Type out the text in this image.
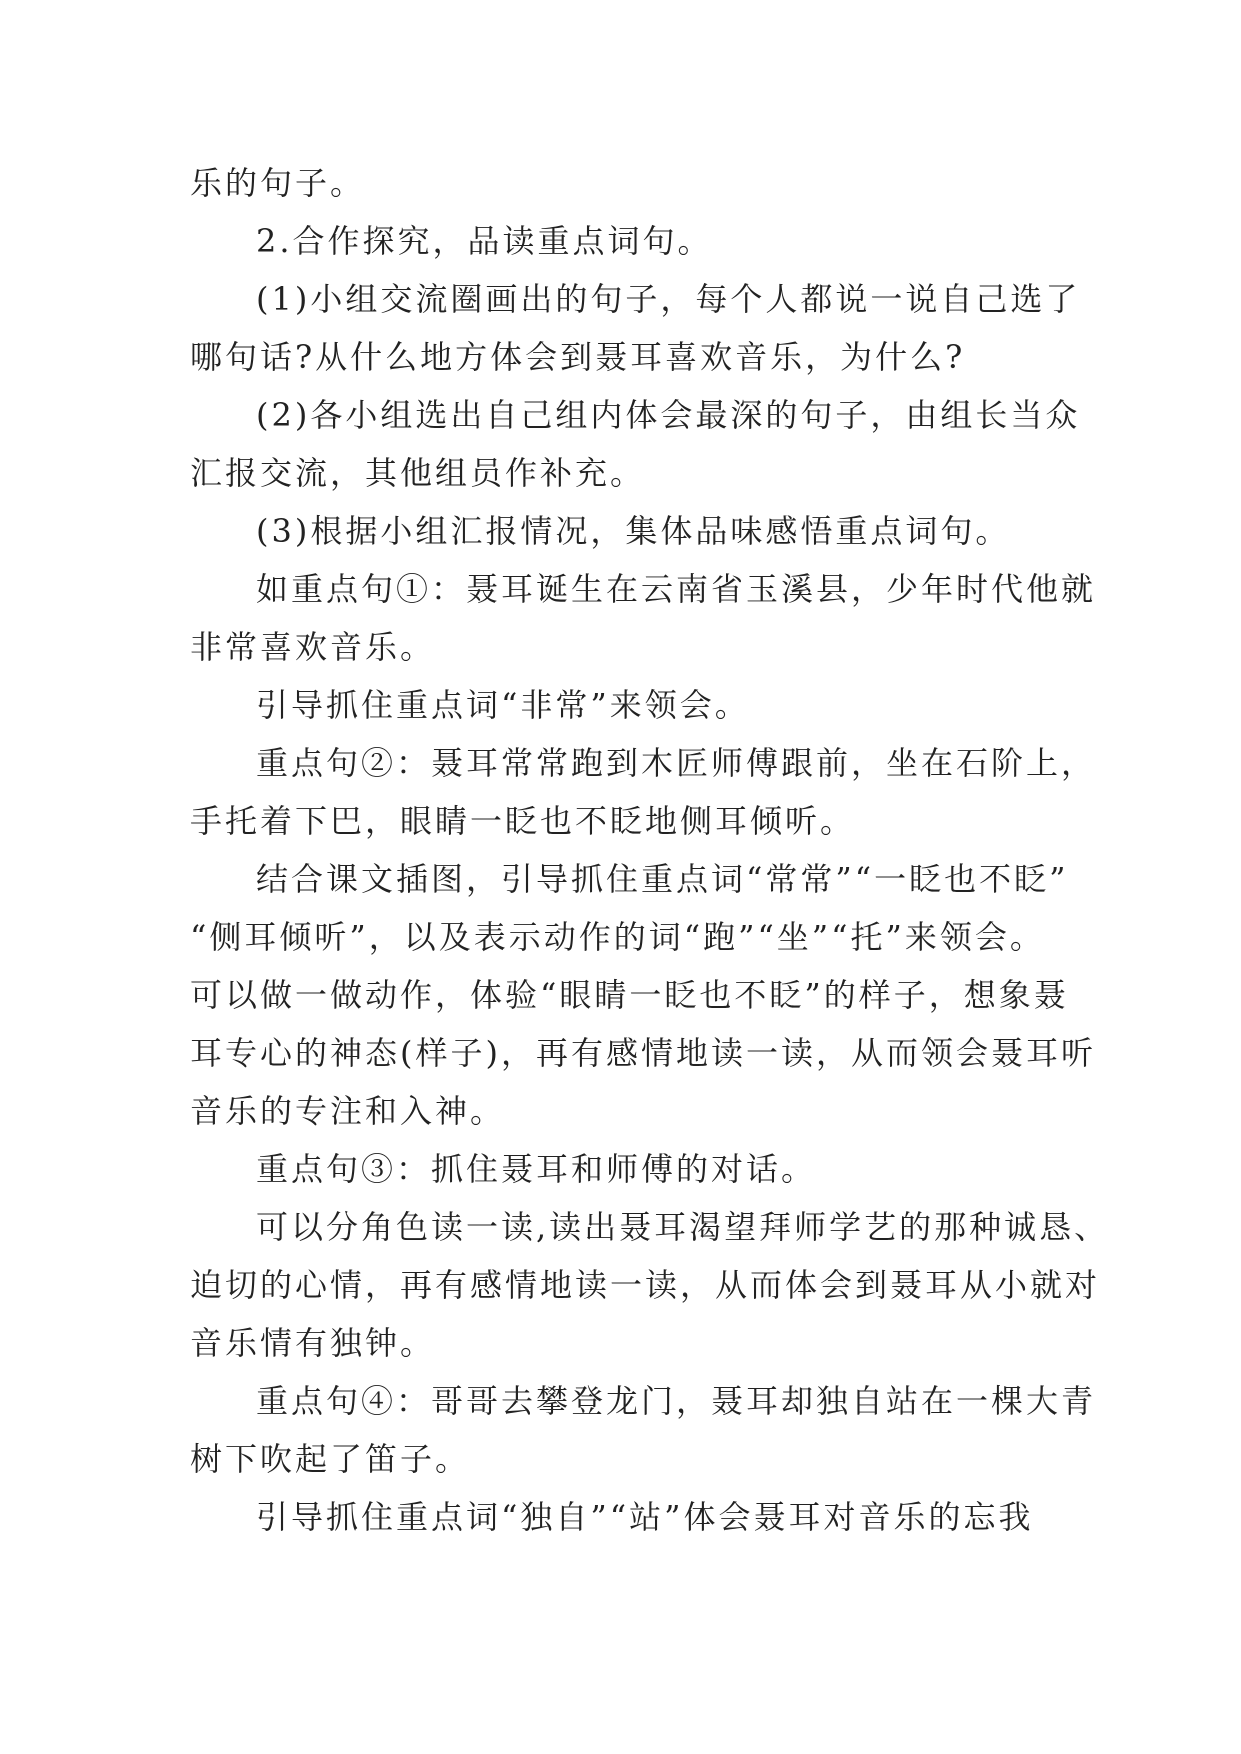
乐的句子。

2.合作探究，品读重点词句。

(1)小组交流圈画出的句子，每个人都说一说自己选了

哪句话?从什么地方体会到聂耳喜欢音乐，为什么?

(2)各小组选出自己组内体会最深的句子，由组长当众

汇报交流，其他组员作补充。

(3)根据小组汇报情况，集体品味感悟重点词句。

如重点句①：聂耳诞生在云南省玉溪县，少年时代他就

非常喜欢音乐。

引导抓住重点词“非常”来领会。

重点句②：聂耳常常跑到木匠师傅跟前，坐在石阶上，

手托着下巴，眼睛一眨也不眨地侧耳倾听。

结合课文插图，引导抓住重点词“常常”“一眨也不眨”

“侧耳倾听”，以及表示动作的词“跑”“坐”“托”来领会。

可以做一做动作，体验“眼睛一眨也不眨”的样子，想象聂

耳专心的神态(样子)，再有感情地读一读，从而领会聂耳听

音乐的专注和入神。

重点句③：抓住聂耳和师傅的对话。

可以分角色读一读,读出聂耳渴望拜师学艺的那种诚恳、

迫切的心情，再有感情地读一读，从而体会到聂耳从小就对

音乐情有独钟。

重点句④：哥哥去攀登龙门，聂耳却独自站在一棵大青

树下吹起了笛子。

引导抓住重点词“独自”“站”体会聂耳对音乐的忘我
